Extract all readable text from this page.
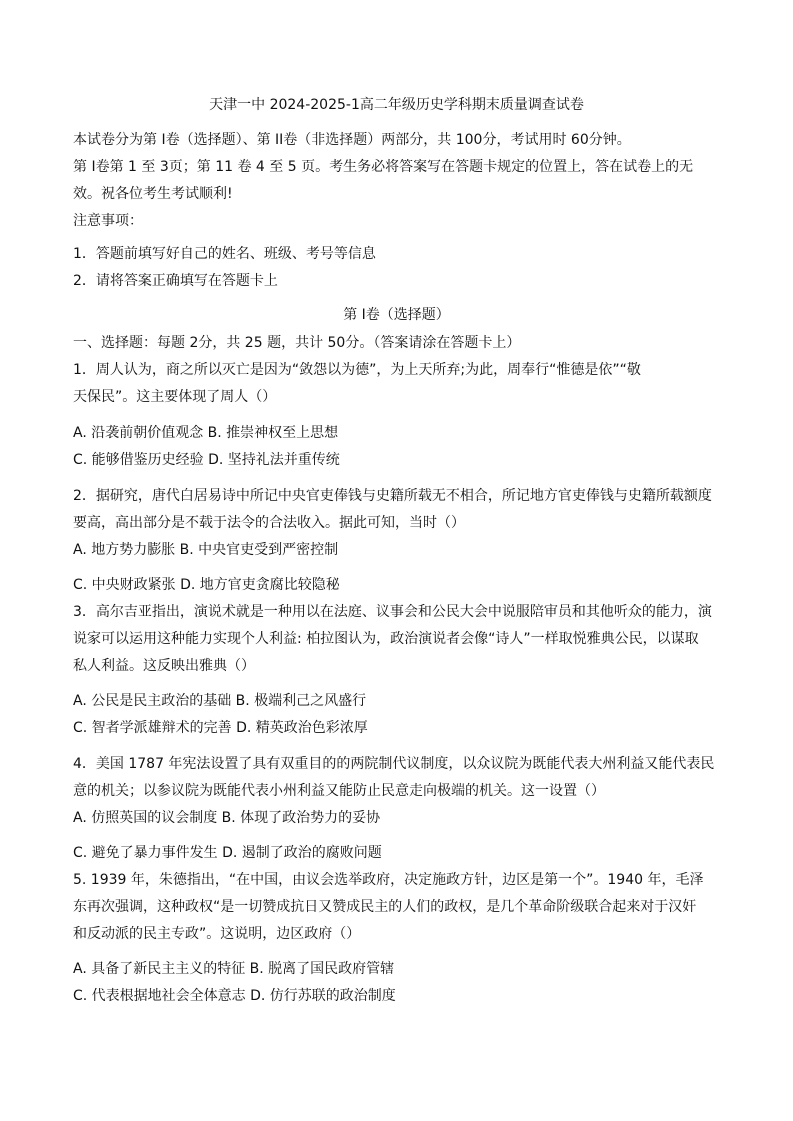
天津一中 2024-2025-1高二年级历史学科期末质量调查试卷
本试卷分为第 I卷（选择题）、第 II卷（非选择题）两部分，共 100分，考试用时 60分钟。
第 I卷第 1 至 3页；第 11 卷 4 至 5 页。考生务必将答案写在答题卡规定的位置上，答在试卷上的无
效。祝各位考生考试顺利!
注意事项：
1．答题前填写好自己的姓名、班级、考号等信息
2．请将答案正确填写在答题卡上
第 I卷（选择题）
一、选择题：每题 2分，共 25 题，共计 50分。（答案请涂在答题卡上）
1．周人认为，商之所以灭亡是因为“敛怨以为德”，为上天所弃;为此，周奉行“惟德是依”“敬
天保民”。这主要体现了周人（）
A. 沿袭前朝价值观念 B. 推崇神权至上思想
C. 能够借鉴历史经验 D. 坚持礼法并重传统
2．据研究，唐代白居易诗中所记中央官吏俸钱与史籍所载无不相合，所记地方官吏俸钱与史籍所载额度
要高，高出部分是不载于法令的合法收入。据此可知，当时（）
A. 地方势力膨胀 B. 中央官吏受到严密控制
C. 中央财政紧张 D. 地方官吏贪腐比较隐秘
3．高尔吉亚指出，演说术就是一种用以在法庭、议事会和公民大会中说服陪审员和其他听众的能力，演
说家可以运用这种能力实现个人利益: 柏拉图认为，政治演说者会像“诗人”一样取悦雅典公民，以谋取
私人利益。这反映出雅典（）
A. 公民是民主政治的基础 B. 极端利己之风盛行
C. 智者学派雄辩术的完善 D. 精英政治色彩浓厚
4．美国 1787 年宪法设置了具有双重目的的两院制代议制度，以众议院为既能代表大州利益又能代表民
意的机关；以参议院为既能代表小州利益又能防止民意走向极端的机关。这一设置（）
A. 仿照英国的议会制度 B. 体现了政治势力的妥协
C. 避免了暴力事件发生 D. 遏制了政治的腐败问题
5. 1939 年，朱德指出，“在中国，由议会选举政府，决定施政方针，边区是第一个”。1940 年，毛泽
东再次强调，这种政权“是一切赞成抗日又赞成民主的人们的政权，是几个革命阶级联合起来对于汉奸
和反动派的民主专政”。这说明，边区政府（）
A. 具备了新民主主义的特征 B. 脱离了国民政府管辖
C. 代表根据地社会全体意志 D. 仿行苏联的政治制度
